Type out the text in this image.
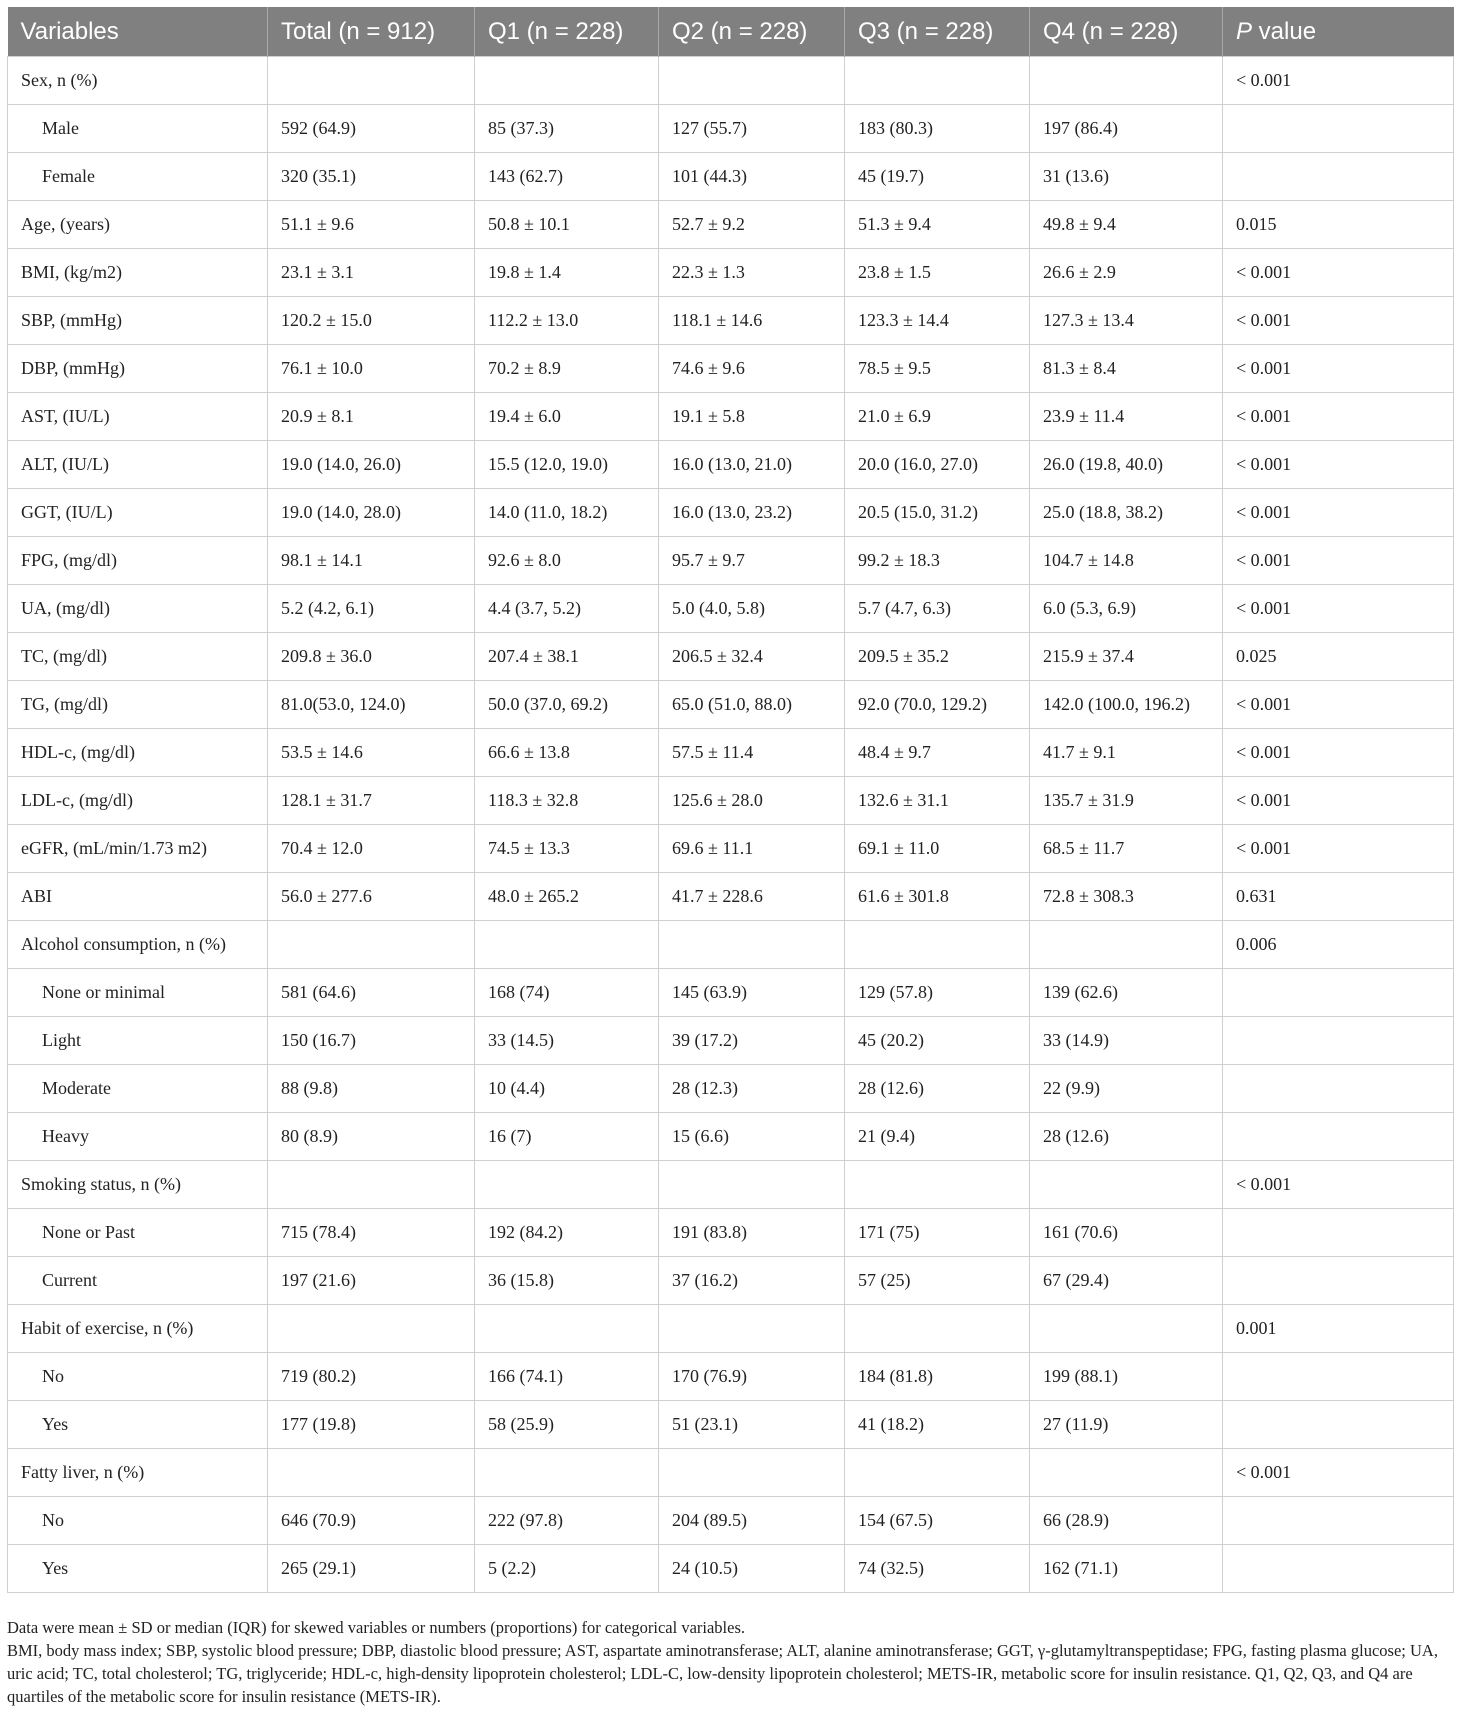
Variables	Total (n = 912)	Q1 (n = 228)	Q2 (n = 228)	Q3 (n = 228)	Q4 (n = 228)	P value
Sex, n (%)						< 0.001
Male	592 (64.9)	85 (37.3)	127 (55.7)	183 (80.3)	197 (86.4)	
Female	320 (35.1)	143 (62.7)	101 (44.3)	45 (19.7)	31 (13.6)	
Age, (years)	51.1 ± 9.6	50.8 ± 10.1	52.7 ± 9.2	51.3 ± 9.4	49.8 ± 9.4	0.015
BMI, (kg/m2)	23.1 ± 3.1	19.8 ± 1.4	22.3 ± 1.3	23.8 ± 1.5	26.6 ± 2.9	< 0.001
SBP, (mmHg)	120.2 ± 15.0	112.2 ± 13.0	118.1 ± 14.6	123.3 ± 14.4	127.3 ± 13.4	< 0.001
DBP, (mmHg)	76.1 ± 10.0	70.2 ± 8.9	74.6 ± 9.6	78.5 ± 9.5	81.3 ± 8.4	< 0.001
AST, (IU/L)	20.9 ± 8.1	19.4 ± 6.0	19.1 ± 5.8	21.0 ± 6.9	23.9 ± 11.4	< 0.001
ALT, (IU/L)	19.0 (14.0, 26.0)	15.5 (12.0, 19.0)	16.0 (13.0, 21.0)	20.0 (16.0, 27.0)	26.0 (19.8, 40.0)	< 0.001
GGT, (IU/L)	19.0 (14.0, 28.0)	14.0 (11.0, 18.2)	16.0 (13.0, 23.2)	20.5 (15.0, 31.2)	25.0 (18.8, 38.2)	< 0.001
FPG, (mg/dl)	98.1 ± 14.1	92.6 ± 8.0	95.7 ± 9.7	99.2 ± 18.3	104.7 ± 14.8	< 0.001
UA, (mg/dl)	5.2 (4.2, 6.1)	4.4 (3.7, 5.2)	5.0 (4.0, 5.8)	5.7 (4.7, 6.3)	6.0 (5.3, 6.9)	< 0.001
TC, (mg/dl)	209.8 ± 36.0	207.4 ± 38.1	206.5 ± 32.4	209.5 ± 35.2	215.9 ± 37.4	0.025
TG, (mg/dl)	81.0(53.0, 124.0)	50.0 (37.0, 69.2)	65.0 (51.0, 88.0)	92.0 (70.0, 129.2)	142.0 (100.0, 196.2)	< 0.001
HDL-c, (mg/dl)	53.5 ± 14.6	66.6 ± 13.8	57.5 ± 11.4	48.4 ± 9.7	41.7 ± 9.1	< 0.001
LDL-c, (mg/dl)	128.1 ± 31.7	118.3 ± 32.8	125.6 ± 28.0	132.6 ± 31.1	135.7 ± 31.9	< 0.001
eGFR, (mL/min/1.73 m2)	70.4 ± 12.0	74.5 ± 13.3	69.6 ± 11.1	69.1 ± 11.0	68.5 ± 11.7	< 0.001
ABI	56.0 ± 277.6	48.0 ± 265.2	41.7 ± 228.6	61.6 ± 301.8	72.8 ± 308.3	0.631
Alcohol consumption, n (%)						0.006
None or minimal	581 (64.6)	168 (74)	145 (63.9)	129 (57.8)	139 (62.6)	
Light	150 (16.7)	33 (14.5)	39 (17.2)	45 (20.2)	33 (14.9)	
Moderate	88 (9.8)	10 (4.4)	28 (12.3)	28 (12.6)	22 (9.9)	
Heavy	80 (8.9)	16 (7)	15 (6.6)	21 (9.4)	28 (12.6)	
Smoking status, n (%)						< 0.001
None or Past	715 (78.4)	192 (84.2)	191 (83.8)	171 (75)	161 (70.6)	
Current	197 (21.6)	36 (15.8)	37 (16.2)	57 (25)	67 (29.4)	
Habit of exercise, n (%)						0.001
No	719 (80.2)	166 (74.1)	170 (76.9)	184 (81.8)	199 (88.1)	
Yes	177 (19.8)	58 (25.9)	51 (23.1)	41 (18.2)	27 (11.9)	
Fatty liver, n (%)						< 0.001
No	646 (70.9)	222 (97.8)	204 (89.5)	154 (67.5)	66 (28.9)	
Yes	265 (29.1)	5 (2.2)	24 (10.5)	74 (32.5)	162 (71.1)	

Data were mean ± SD or median (IQR) for skewed variables or numbers (proportions) for categorical variables.

BMI, body mass index; SBP, systolic blood pressure; DBP, diastolic blood pressure; AST, aspartate aminotransferase; ALT, alanine aminotransferase; GGT, γ-glutamyltranspeptidase; FPG, fasting plasma glucose; UA, uric acid; TC, total cholesterol; TG, triglyceride; HDL-c, high-density lipoprotein cholesterol; LDL-C, low-density lipoprotein cholesterol; METS-IR, metabolic score for insulin resistance. Q1, Q2, Q3, and Q4 are quartiles of the metabolic score for insulin resistance (METS-IR).
